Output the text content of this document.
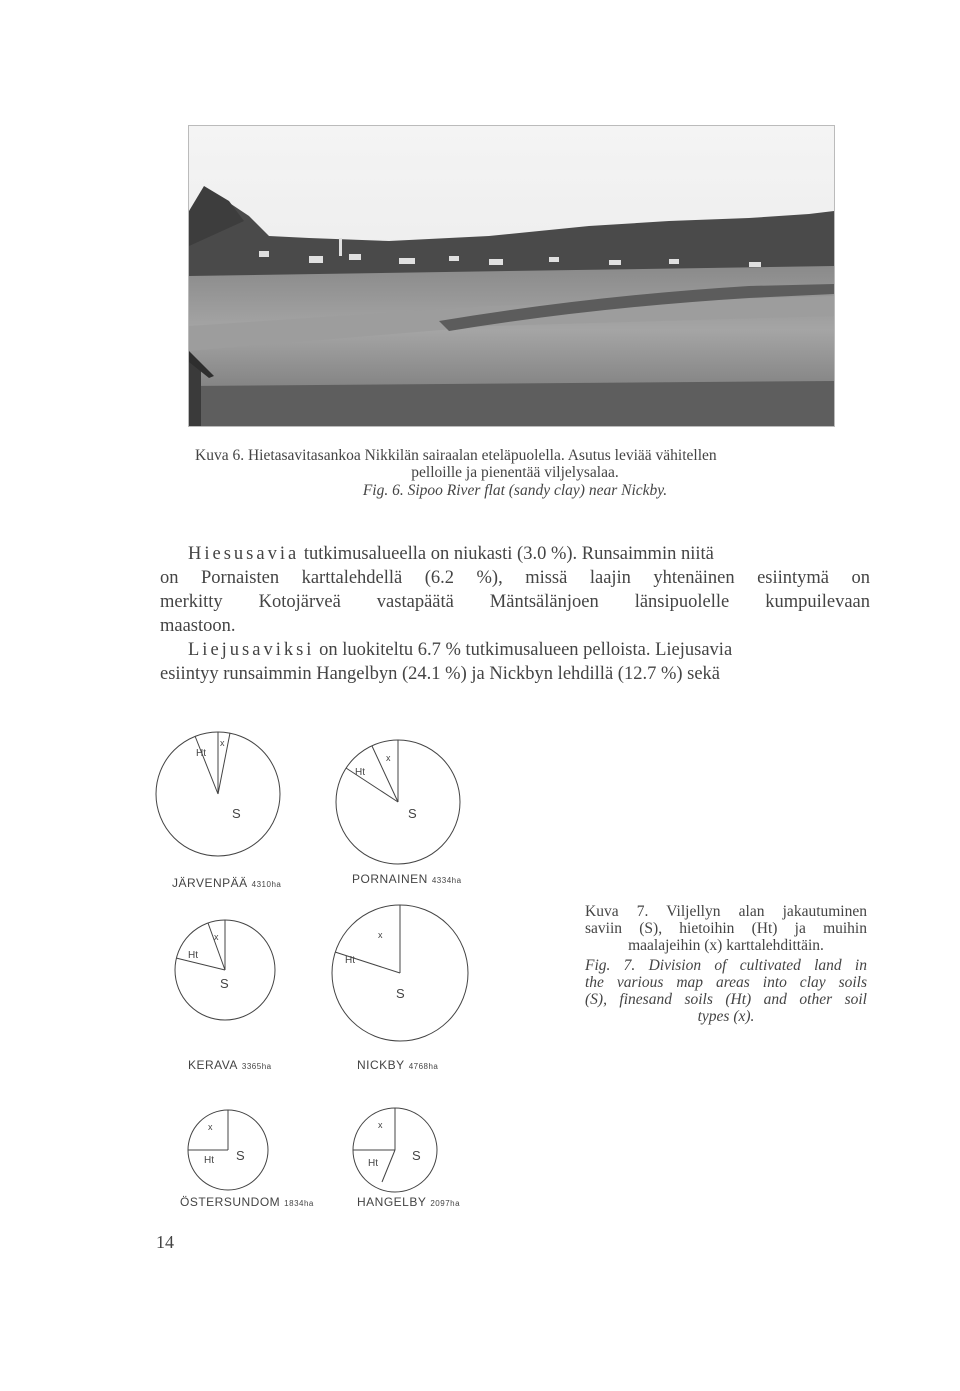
Kuva 6. Hietasavitasankoa Nikkilän sairaalan eteläpuolella. Asutus leviää vähitellen
pelloille ja pienentää viljelysalaa.
Fig. 6. Sipoo River flat (sandy clay) near Nickby.
Hiesusavia tutkimusalueella on niukasti (3.0 %). Runsaimmin niitä
on Pornaisten karttalehdellä (6.2 %), missä laajin yhtenäinen esiintymä on
merkitty Kotojärveä vastapäätä Mäntsälänjoen länsipuolelle kumpuilevaan
maastoon.
Liejusaviksi on luokiteltu 6.7 % tutkimusalueen pelloista. Liejusavia
esiintyy runsaimmin Hangelbyn (24.1 %) ja Nickbyn lehdillä (12.7 %) sekä
Ht
x
S
Ht
x
S
Ht
x
S
Ht
x
S
Ht
x
S
Ht
x
S
JÄRVENPÄÄ 4310ha	PORNAINEN 4334ha
KERAVA 3365ha	NICKBY 4768ha
ÖSTERSUNDOM 1834ha	HANGELBY 2097ha
Kuva 7. Viljellyn alan jakautuminen
saviin (S), hietoihin (Ht) ja muihin
maalajeihin (x) karttalehdittäin.
Fig. 7. Division of cultivated land in
the various map areas into clay soils
(S), finesand soils (Ht) and other soil
types (x).
14
